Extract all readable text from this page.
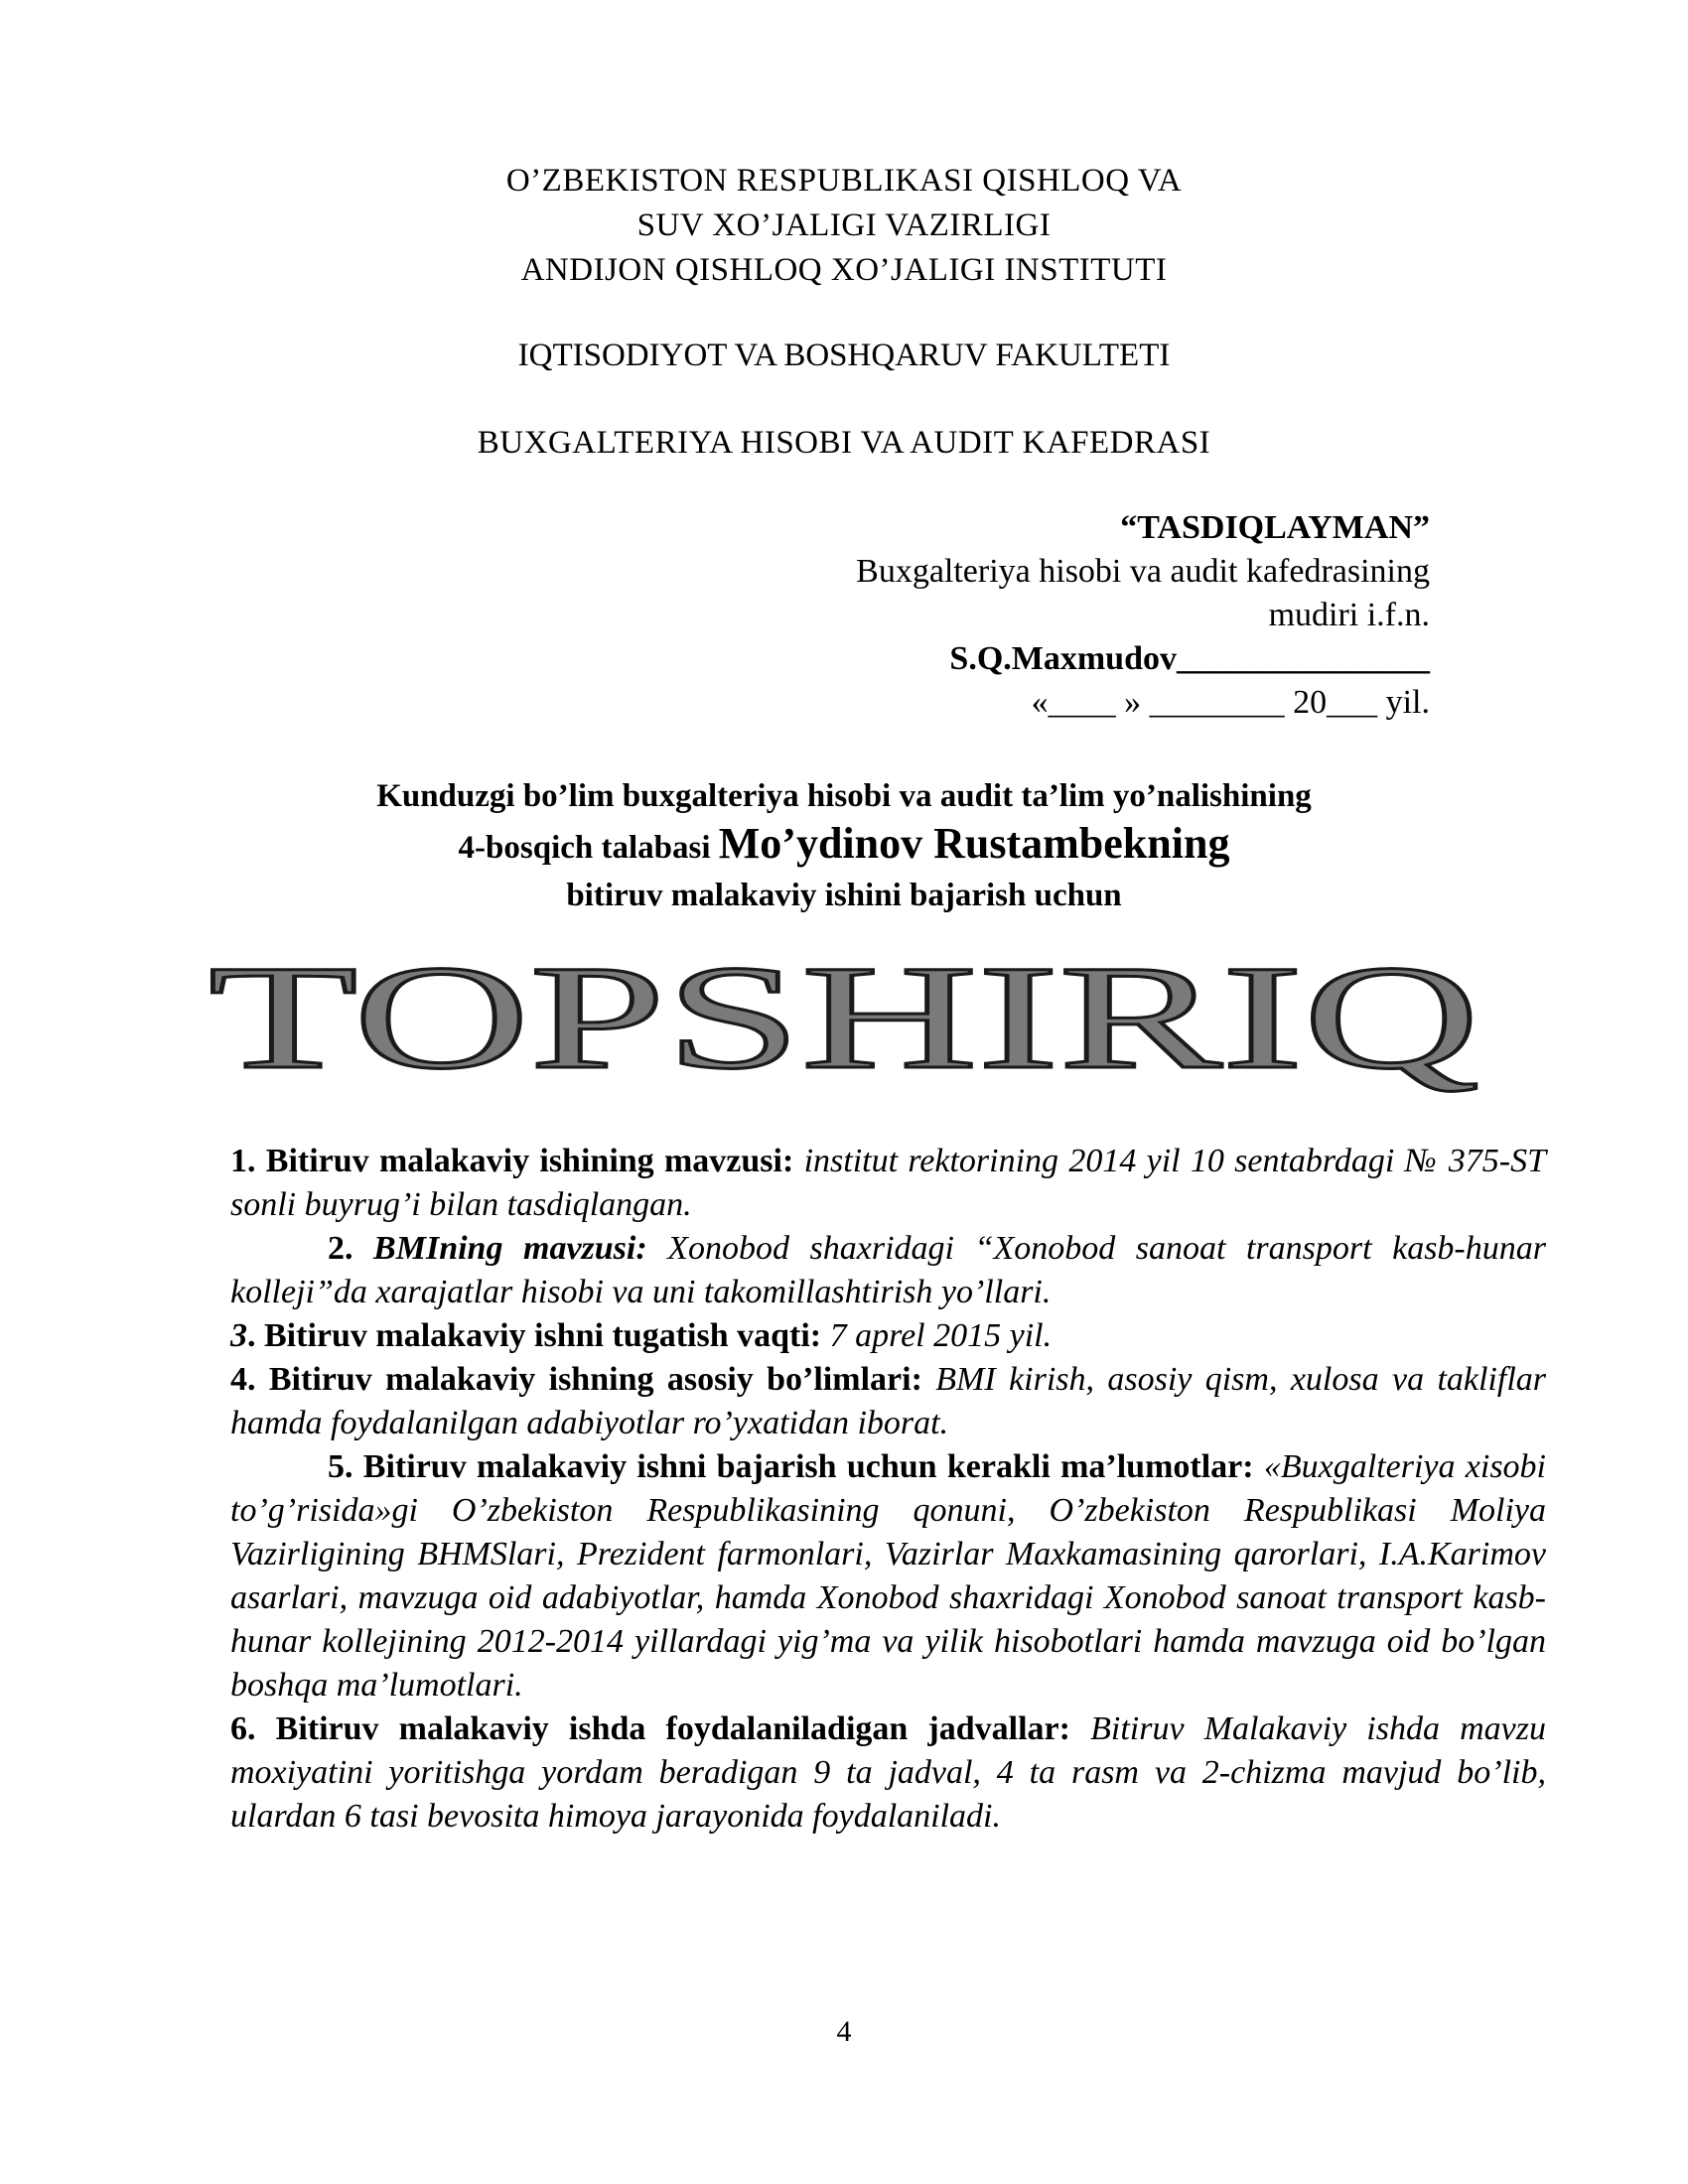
O’ZBEKISTON RESPUBLIKASI QISHLOQ VA
SUV XO’JALIGI VAZIRLIGI
ANDIJON QISHLOQ XO’JALIGI INSTITUTI
IQTISODIYOT VA BOSHQARUV FAKULTETI
BUXGALTERIYA HISOBI VA AUDIT KAFEDRASI
“TASDIQLAYMAN”
Buxgalteriya hisobi va audit kafedrasining
mudiri i.f.n.
S.Q.Maxmudov_______________
«____ » ________ 20___ yil.
Kunduzgi bo’lim buxgalteriya hisobi va audit ta’lim yo’nalishining
4-bosqich talabasi Mo’ydinov Rustambekning
bitiruv malakaviy ishini bajarish uchun
TOPSHIRIQ

1. Bitiruv malakaviy ishining mavzusi: institut rektorining 2014 yil 10 sentabrdagi № 375-ST sonli buyrug’i bilan tasdiqlangan.

2. BMIning mavzusi: Xonobod shaxridagi “Xonobod sanoat transport kasb-hunar kolleji”da xarajatlar hisobi va uni takomillashtirish yo’llari.

3. Bitiruv malakaviy ishni tugatish vaqti: 7 aprel 2015 yil.

4. Bitiruv malakaviy ishning asosiy bo’limlari: BMI kirish, asosiy qism, xulosa va takliflar hamda foydalanilgan adabiyotlar ro’yxatidan iborat.

5. Bitiruv malakaviy ishni bajarish uchun kerakli ma’lumotlar: «Buxgalteriya xisobi to’g’risida»gi O’zbekiston Respublikasining qonuni, O’zbekiston Respublikasi Moliya Vazirligining BHMSlari, Prezident farmonlari, Vazirlar Maxkamasining qarorlari, I.A.Karimov asarlari, mavzuga oid adabiyotlar, hamda Xonobod shaxridagi Xonobod sanoat transport kasb-hunar kollejining 2012-2014 yillardagi yig’ma va yilik hisobotlari hamda mavzuga oid bo’lgan boshqa ma’lumotlari.

6. Bitiruv malakaviy ishda foydalaniladigan jadvallar: Bitiruv Malakaviy ishda mavzu moxiyatini yoritishga yordam beradigan 9 ta jadval, 4 ta rasm va 2-chizma mavjud bo’lib, ulardan 6 tasi bevosita himoya jarayonida foydalaniladi.

4
